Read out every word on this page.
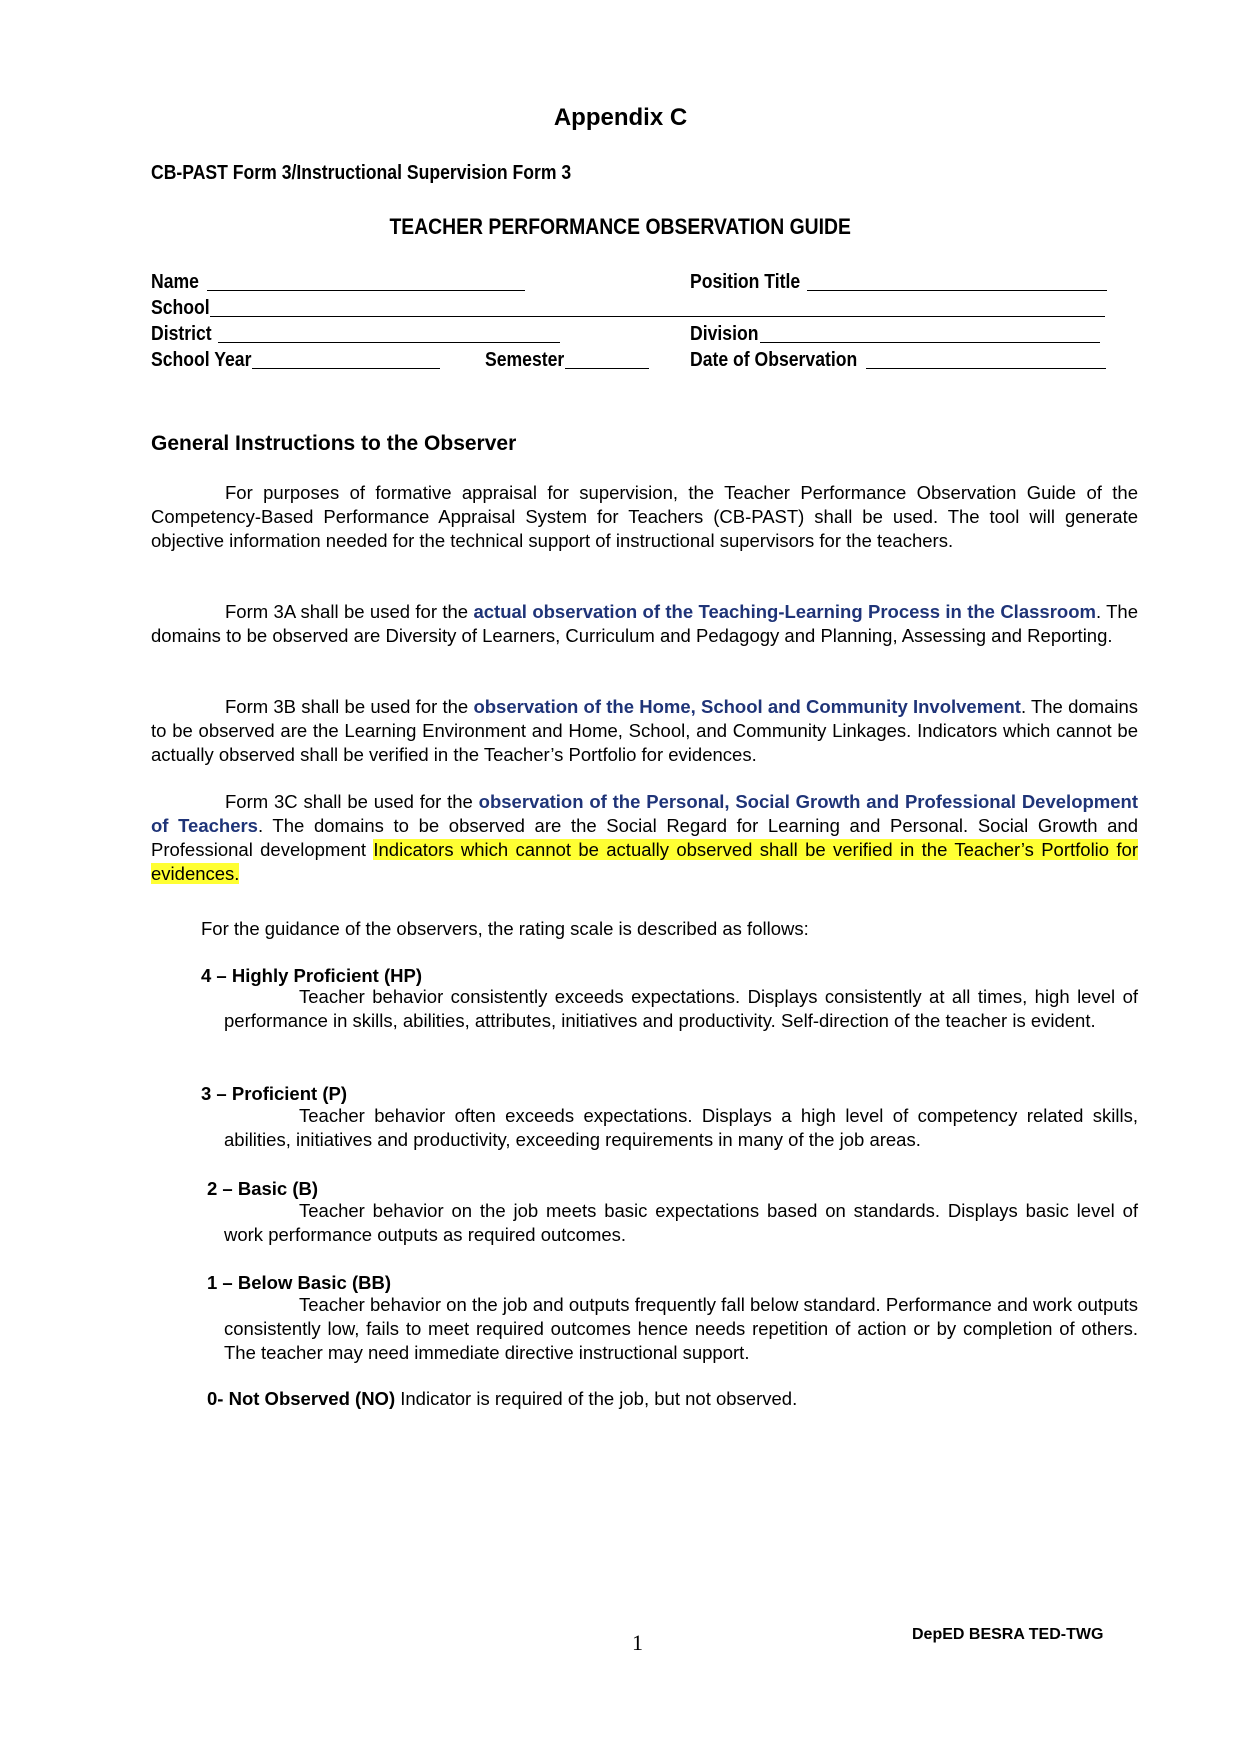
Appendix C
CB-PAST Form 3/Instructional Supervision Form 3
TEACHER PERFORMANCE OBSERVATION GUIDE
Name	Position Title
School
District	Division
School Year	Semester	Date of Observation
General Instructions to the Observer
For purposes of formative appraisal for supervision, the Teacher Performance Observation Guide of the Competency-Based Performance Appraisal System for Teachers (CB-PAST) shall be used. The tool will generate objective information needed for the technical support of instructional supervisors for the teachers.
Form 3A shall be used for the actual observation of the Teaching-Learning Process in the Classroom. The domains to be observed are Diversity of Learners, Curriculum and Pedagogy and Planning, Assessing and Reporting.
Form 3B shall be used for the observation of the Home, School and Community Involvement. The domains to be observed are the Learning Environment and Home, School, and Community Linkages. Indicators which cannot be actually observed shall be verified in the Teacher’s Portfolio for evidences.
Form 3C shall be used for the observation of the Personal, Social Growth and Professional Development of Teachers. The domains to be observed are the Social Regard for Learning and Personal. Social Growth and Professional development Indicators which cannot be actually observed shall be verified in the Teacher’s Portfolio for evidences.
For the guidance of the observers, the rating scale is described as follows:
4 – Highly Proficient (HP)
Teacher behavior consistently exceeds expectations. Displays consistently at all times, high level of performance in skills, abilities, attributes, initiatives and productivity. Self-direction of the teacher is evident.
3 – Proficient (P)
Teacher behavior often exceeds expectations. Displays a high level of competency related skills, abilities, initiatives and productivity, exceeding requirements in many of the job areas.
2 – Basic (B)
Teacher behavior on the job meets basic expectations based on standards. Displays basic level of work performance outputs as required outcomes.
1 – Below Basic (BB)
Teacher behavior on the job and outputs frequently fall below standard. Performance and work outputs consistently low, fails to meet required outcomes hence needs repetition of action or by completion of others. The teacher may need immediate directive instructional support.
0- Not Observed (NO) Indicator is required of the job, but not observed.
1	DepED BESRA TED-TWG
